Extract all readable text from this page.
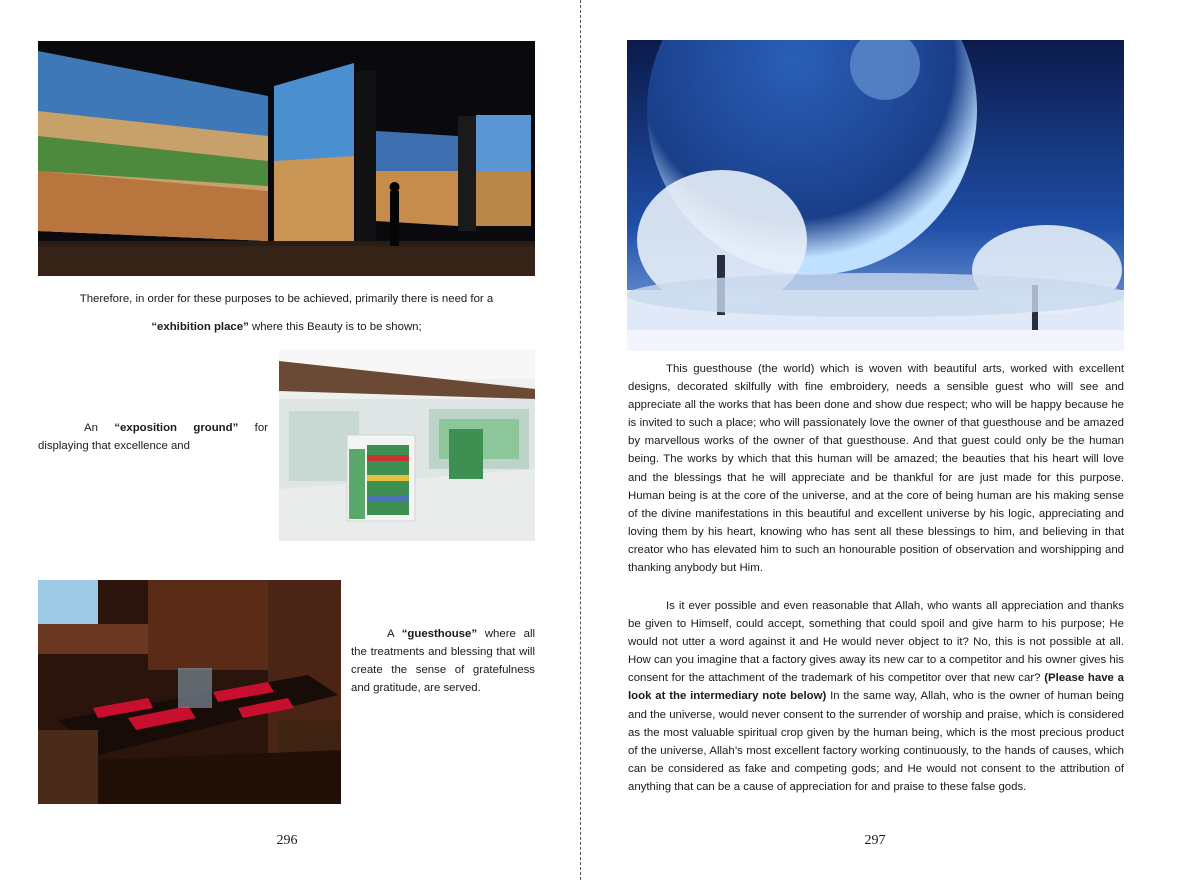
Therefore, in order for these purposes to be achieved, primarily there is need for a
“exhibition place” where this Beauty is to be shown;
An “exposition ground” for displaying that excellence and
A “guesthouse” where all the treatments and blessing that will create the sense of gratefulness and gratitude, are served.
296

This guesthouse (the world) which is woven with beautiful arts, worked with excellent designs, decorated skilfully with fine embroidery, needs a sensible guest who will see and appreciate all the works that has been done and show due respect; who will be happy because he is invited to such a place; who will passionately love the owner of that guesthouse and be amazed by marvellous works of the owner of that guesthouse. And that guest could only be the human being. The works by which that this human will be amazed; the beauties that his heart will love and the blessings that he will appreciate and be thankful for are just made for this purpose. Human being is at the core of the universe, and at the core of being human are his making sense of the divine manifestations in this beautiful and excellent universe by his logic, appreciating and loving them by his heart, knowing who has sent all these blessings to him, and believing in that creator who has elevated him to such an honourable position of observation and worshipping and thanking anybody but Him.

Is it ever possible and even reasonable that Allah, who wants all appreciation and thanks be given to Himself, could accept, something that could spoil and give harm to his purpose; He would not utter a word against it and He would never object to it? No, this is not possible at all. How can you imagine that a factory gives away its new car to a competitor and his owner gives his consent for the attachment of the trademark of his competitor over that new car? (Please have a look at the intermediary note below) In the same way, Allah, who is the owner of human being and the universe, would never consent to the surrender of worship and praise, which is considered as the most valuable spiritual crop given by the human being, which is the most precious product of the universe, Allah’s most excellent factory working continuously, to the hands of causes, which can be considered as fake and competing gods; and He would not consent to the attribution of anything that can be a cause of appreciation for and praise to these false gods.

297
